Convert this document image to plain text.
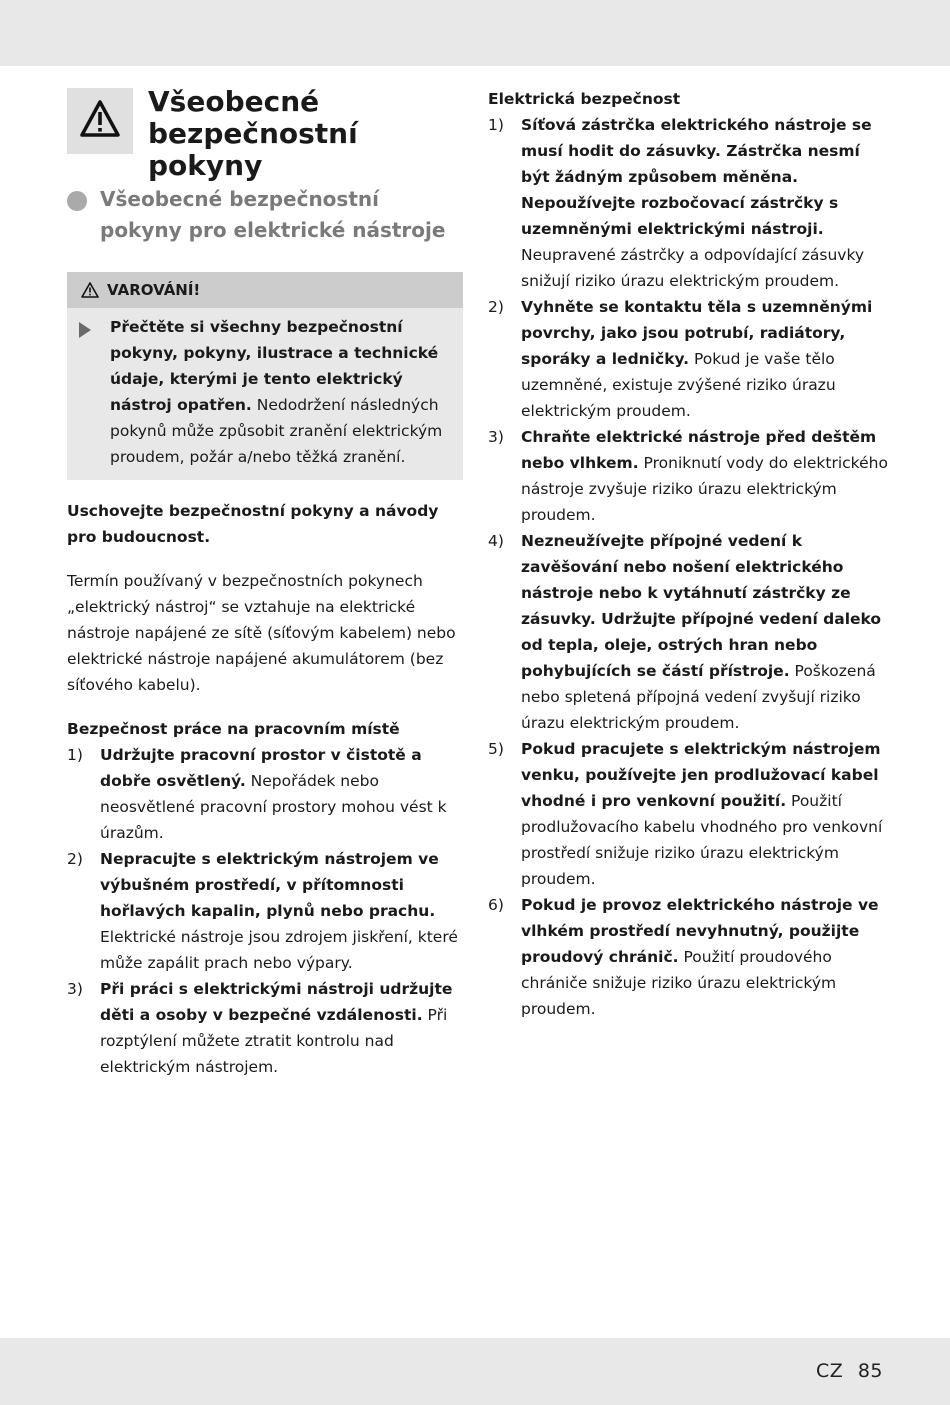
Všeobecné bezpečnostní pokyny
Všeobecné bezpečnostní pokyny pro elektrické nástroje
VAROVÁNÍ!
Přečtěte si všechny bezpečnostní pokyny, pokyny, ilustrace a technické údaje, kterými je tento elektrický nástroj opatřen. Nedodržení následných pokynů může způsobit zranění elektrickým proudem, požár a/nebo těžká zranění.

Uschovejte bezpečnostní pokyny a návody pro budoucnost.

Termín používaný v bezpečnostních pokynech „elektrický nástroj“ se vztahuje na elektrické nástroje napájené ze sítě (síťovým kabelem) nebo elektrické nástroje napájené akumulátorem (bez síťového kabelu).

Bezpečnost práce na pracovním místě
1) Udržujte pracovní prostor v čistotě a dobře osvětlený. Nepořádek nebo neosvětlené pracovní prostory mohou vést k úrazům.
2) Nepracujte s elektrickým nástrojem ve výbušném prostředí, v přítomnosti hořlavých kapalin, plynů nebo prachu. Elektrické nástroje jsou zdrojem jiskření, které může zapálit prach nebo výpary.
3) Při práci s elektrickými nástroji udržujte děti a osoby v bezpečné vzdálenosti. Při rozptýlení můžete ztratit kontrolu nad elektrickým nástrojem.
Elektrická bezpečnost
1) Síťová zástrčka elektrického nástroje se musí hodit do zásuvky. Zástrčka nesmí být žádným způsobem měněna. Nepoužívejte rozbočovací zástrčky s uzemněnými elektrickými nástroji. Neupravené zástrčky a odpovídající zásuvky snižují riziko úrazu elektrickým proudem.
2) Vyhněte se kontaktu těla s uzemněnými povrchy, jako jsou potrubí, radiátory, sporáky a ledničky. Pokud je vaše tělo uzemněné, existuje zvýšené riziko úrazu elektrickým proudem.
3) Chraňte elektrické nástroje před deštěm nebo vlhkem. Proniknutí vody do elektrického nástroje zvyšuje riziko úrazu elektrickým proudem.
4) Nezneužívejte přípojné vedení k zavěšování nebo nošení elektrického nástroje nebo k vytáhnutí zástrčky ze zásuvky. Udržujte přípojné vedení daleko od tepla, oleje, ostrých hran nebo pohybujících se částí přístroje. Poškozená nebo spletená přípojná vedení zvyšují riziko úrazu elektrickým proudem.
5) Pokud pracujete s elektrickým nástrojem venku, používejte jen prodlužovací kabel vhodné i pro venkovní použití. Použití prodlužovacího kabelu vhodného pro venkovní prostředí snižuje riziko úrazu elektrickým proudem.
6) Pokud je provoz elektrického nástroje ve vlhkém prostředí nevyhnutný, použijte proudový chránič. Použití proudového chrániče snižuje riziko úrazu elektrickým proudem.
CZ 85
